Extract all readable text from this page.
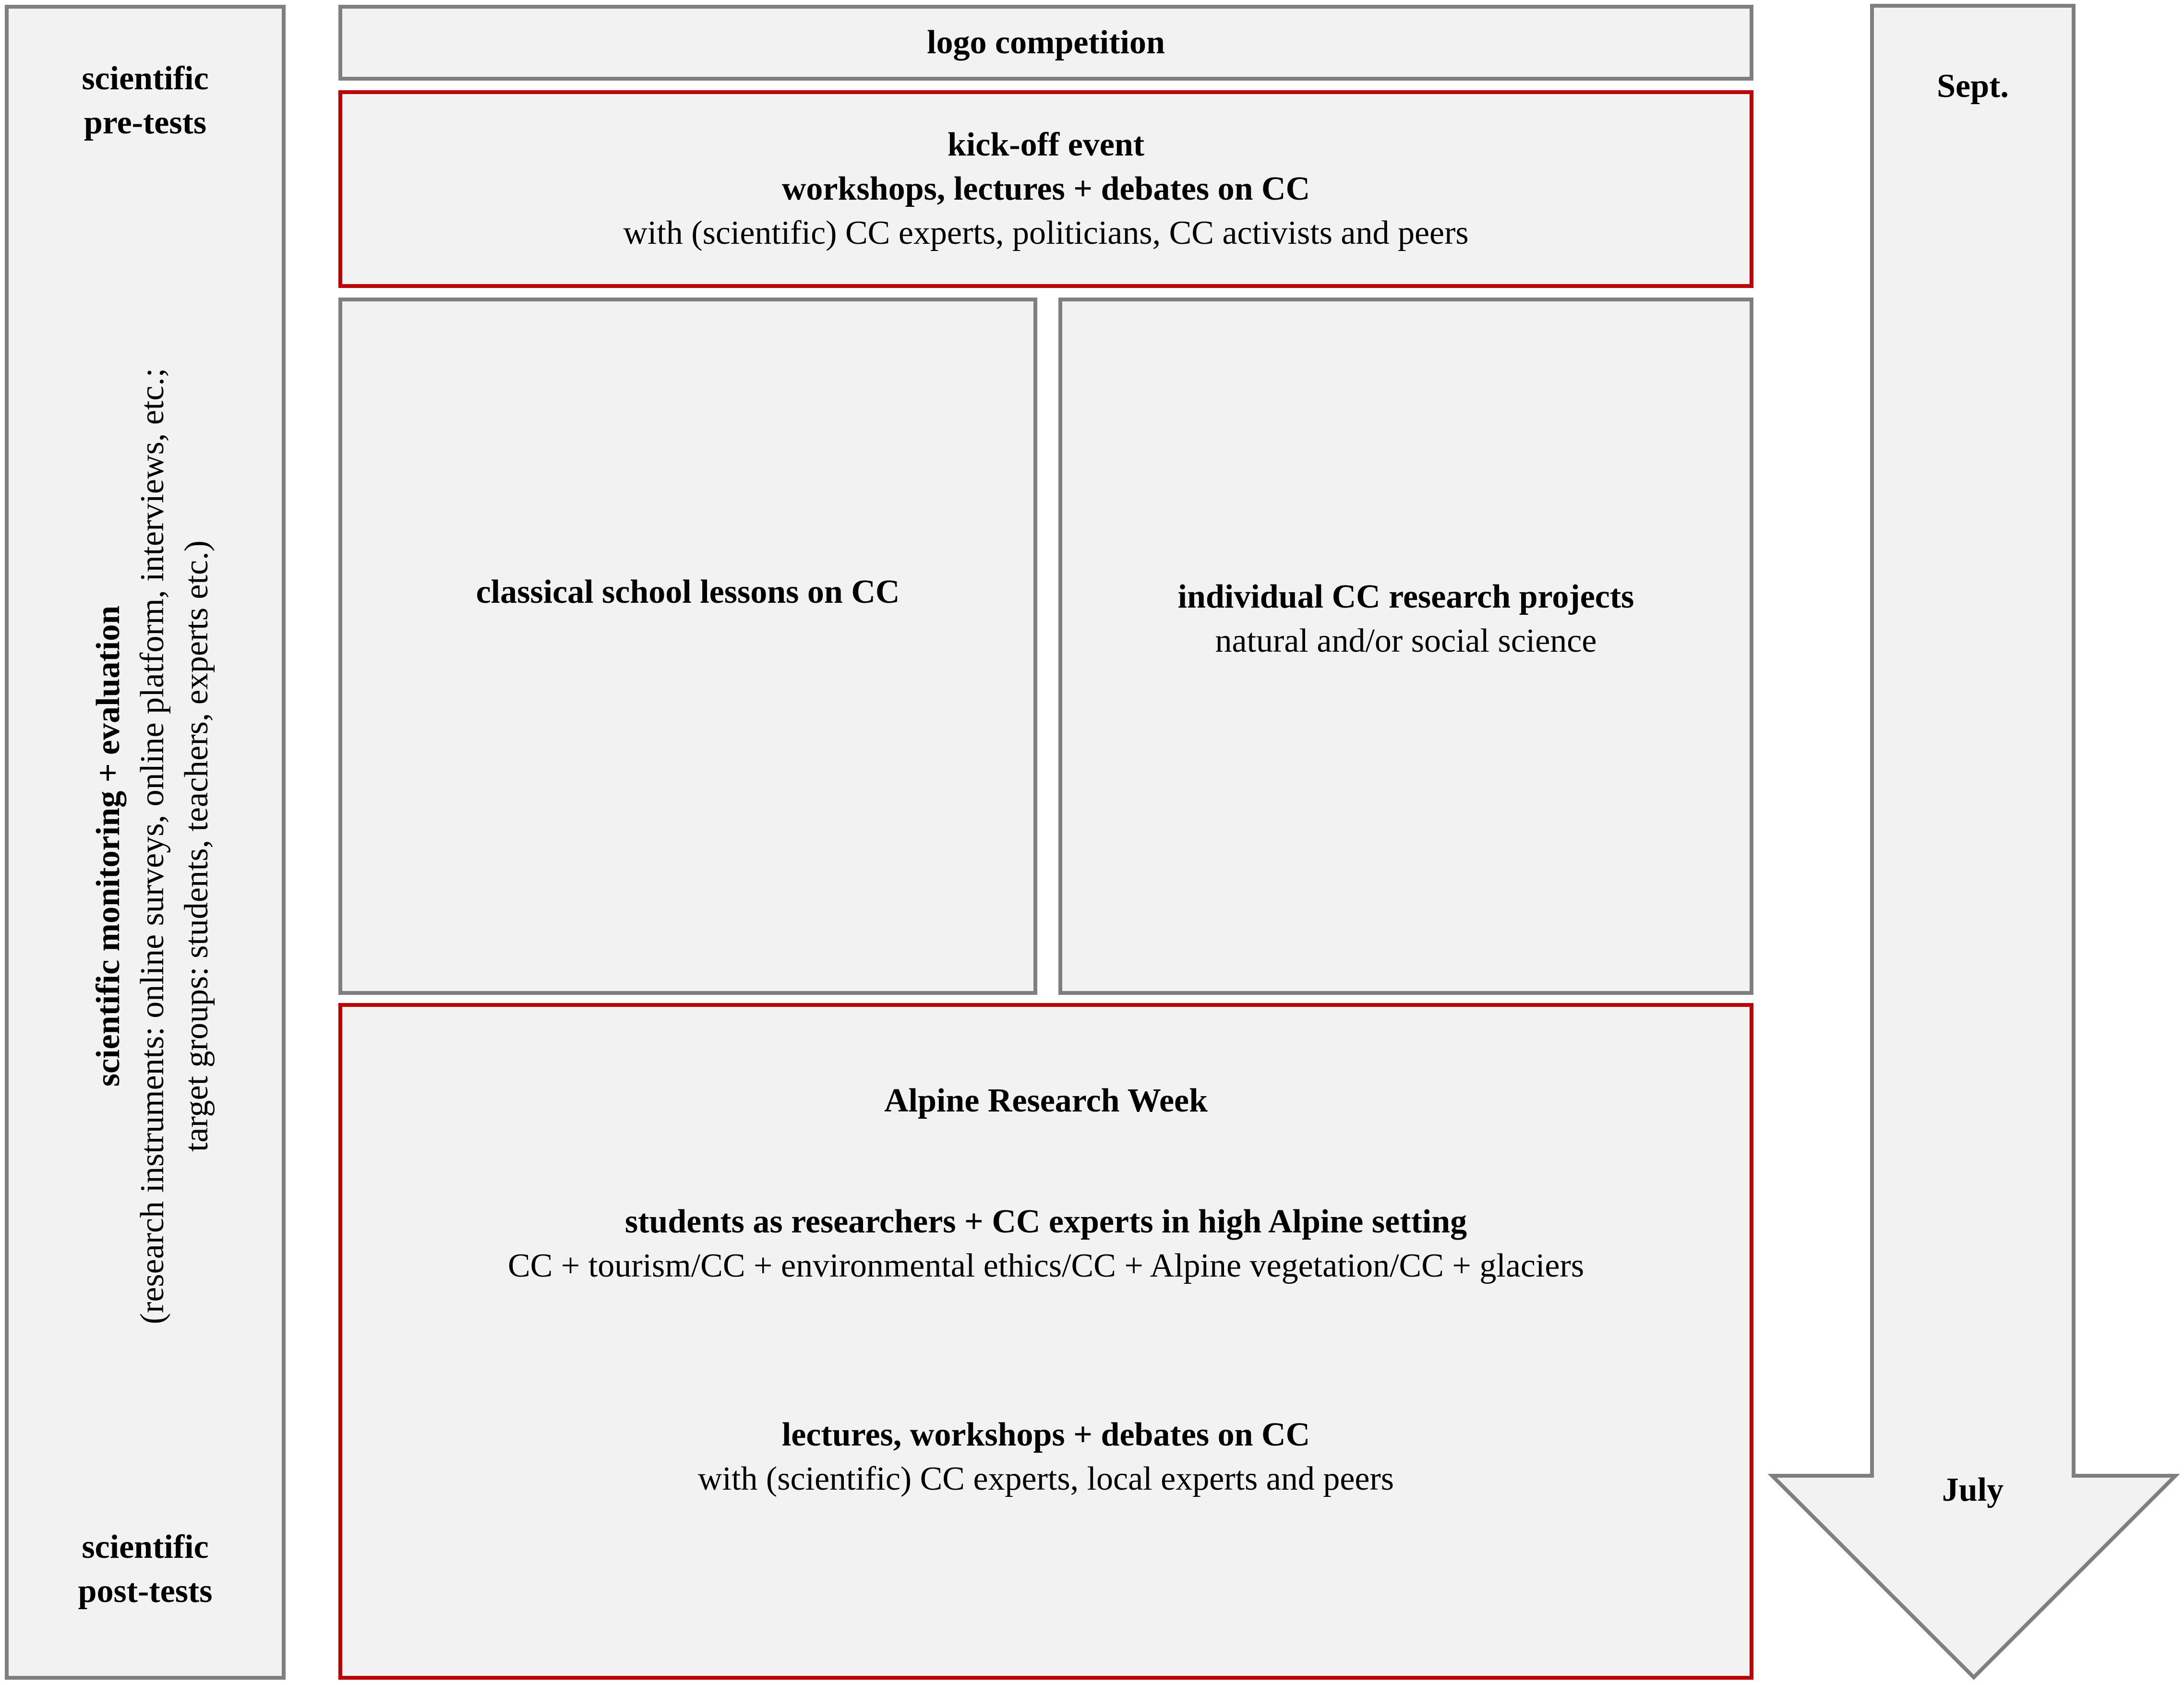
scientific
pre-tests
scientific monitoring + evaluation (research instruments: online surveys, online platform, interviews, etc.; target groups: students, teachers, experts etc.)
scientific
post-tests
logo competition
kick-off event
workshops, lectures + debates on CC
with (scientific) CC experts, politicians, CC activists and peers
classical school lessons on CC	individual CC research projects
natural and/or social science
Alpine Research Week
students as researchers + CC experts in high Alpine setting
CC + tourism/CC + environmental ethics/CC + Alpine vegetation/CC + glaciers
lectures, workshops + debates on CC
with (scientific) CC experts, local experts and peers
Sept.
July
